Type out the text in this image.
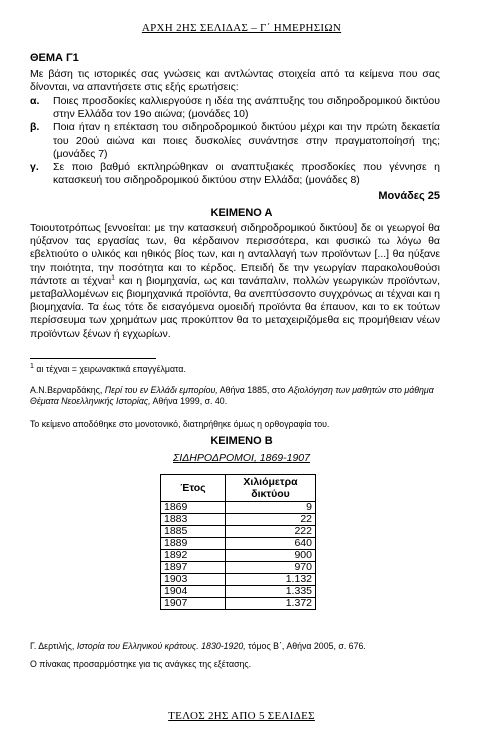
ΑΡΧΗ 2ΗΣ ΣΕΛΙΔΑΣ – Γ΄ ΗΜΕΡΗΣΙΩΝ
ΘΕΜΑ Γ1
Με βάση τις ιστορικές σας γνώσεις και αντλώντας στοιχεία από τα κείμενα που σας δίνονται, να απαντήσετε στις εξής ερωτήσεις:
α.	Ποιες προσδοκίες καλλιεργούσε η ιδέα της ανάπτυξης του σιδηροδρομικού δικτύου στην Ελλάδα τον 19ο αιώνα; (μονάδες 10)
β.	Ποια ήταν η επέκταση του σιδηροδρομικού δικτύου μέχρι και την πρώτη δεκαετία του 20ού αιώνα και ποιες δυσκολίες συνάντησε στην πραγματοποίησή της; (μονάδες 7)
γ.	Σε ποιο βαθμό εκπληρώθηκαν οι αναπτυξιακές προσδοκίες που γέννησε η κατασκευή του σιδηροδρομικού δικτύου στην Ελλάδα; (μονάδες 8)
Μονάδες 25
ΚΕΙΜΕΝΟ Α
Τοιουτοτρόπως [εννοείται: με την κατασκευή σιδηροδρομικού δικτύου] δε οι γεωργοί θα ηύξανον τας εργασίας των, θα κέρδαινον περισσότερα, και φυσικώ τω λόγω θα εβελτιούτο ο υλικός και ηθικός βίος των, και η ανταλλαγή των προϊόντων [...] θα ηύξανε την ποιότητα, την ποσότητα και το κέρδος. Επειδή δε την γεωργίαν παρακολουθούσι πάντοτε αι τέχναι$^1$ και η βιομηχανία, ως και τανάπαλιν, πολλών γεωργικών προϊόντων, μεταβαλλομένων εις βιομηχανικά προϊόντα, θα ανεπτύσσοντο συγχρόνως αι τέχναι και η βιομηχανία. Τα έως τότε δε εισαγόμενα ομοειδή προϊόντα θα έπαυον, και το εκ τούτων περίσσευμα των χρημάτων μας προκύπτον θα το μεταχειριζόμεθα εις προμήθειαν νέων προϊόντων ξένων ή εγχωρίων.
$^1$ αι τέχναι = χειρωνακτικά επαγγέλματα.
Α.Ν.Βερναρδάκης, Περί του εν Ελλάδι εμπορίου, Αθήνα 1885, στο Αξιολόγηση των μαθητών στο μάθημα Θέματα Νεοελληνικής Ιστορίας, Αθήνα 1999, σ. 40.
Το κείμενο αποδόθηκε στο μονοτονικό, διατηρήθηκε όμως η ορθογραφία του.
ΚΕΙΜΕΝΟ Β
ΣΙΔΗΡΟΔΡΟΜΟΙ, 1869-1907
Έτος	Χιλιόμετρα δικτύου
1869	9
1883	22
1885	222
1889	640
1892	900
1897	970
1903	1.132
1904	1.335
1907	1.372
Γ. Δερτιλής, Ιστορία του Ελληνικού κράτους. 1830-1920, τόμος Β΄, Αθήνα 2005, σ. 676.
Ο πίνακας προσαρμόστηκε για τις ανάγκες της εξέτασης.
ΤΕΛΟΣ 2ΗΣ ΑΠΟ 5 ΣΕΛΙΔΕΣ
